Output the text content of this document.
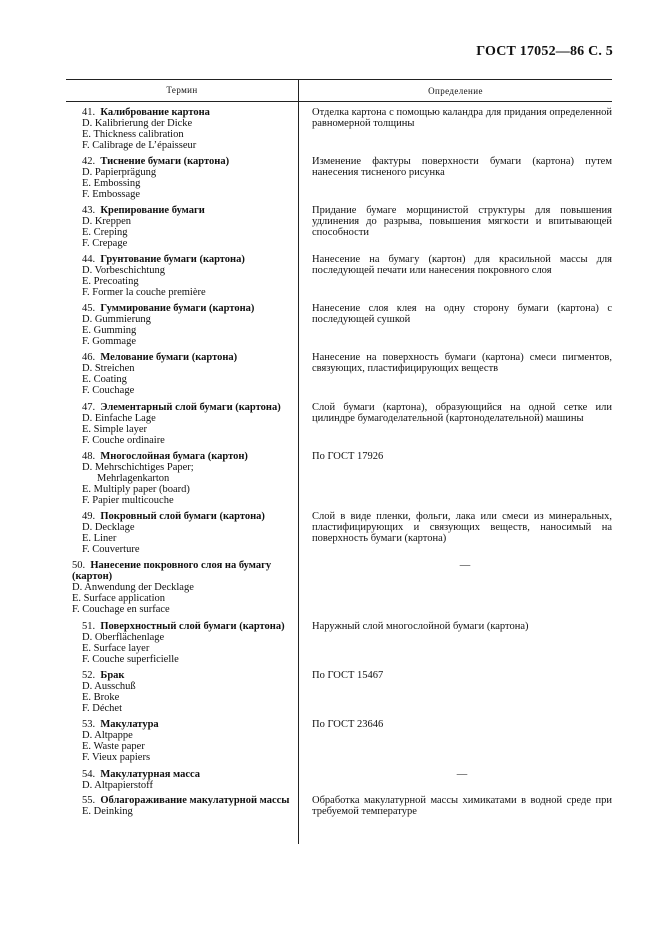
ГОСТ 17052—86 С. 5
Термин	Определение
41. Калибрование картона
D. Kalibrierung der Dicke
E. Thickness calibration
F. Calibrage de L’épaisseur
Отделка картона с помощью каландра для придания определенной равномерной толщины
42. Тиснение бумаги (картона)
D. Papierprägung
E. Embossing
F. Embossage
Изменение фактуры поверхности бумаги (картона) путем нанесения тисненого рисунка
43. Крепирование бумаги
D. Kreppen
E. Creping
F. Crepage
Придание бумаге морщинистой структуры для повышения удлинения до разрыва, повышения мягкости и впитывающей способности
44. Грунтование бумаги (картона)
D. Vorbeschichtung
E. Precoating
F. Former la couche première
Нанесение на бумагу (картон) для красильной массы для последующей печати или нанесения покровного слоя
45. Гуммирование бумаги (картона)
D. Gummierung
E. Gumming
F. Gommage
Нанесение слоя клея на одну сторону бумаги (картона) с последующей сушкой
46. Мелование бумаги (картона)
D. Streichen
E. Coating
F. Couchage
Нанесение на поверхность бумаги (картона) смеси пигментов, связующих, пластифицирующих веществ
47. Элементарный слой бумаги (картона)
D. Einfache Lage
E. Simple layer
F. Couche ordinaire
Слой бумаги (картона), образующийся на одной сетке или цилиндре бумагоделательной (картоноделательной) машины
48. Многослойная бумага (картон)
D. Mehrschichtiges Paper;
Mehrlagenkarton
E. Multiply paper (board)
F. Papier multicouche
По ГОСТ 17926
49. Покровный слой бумаги (картона)
D. Decklage
E. Liner
F. Couverture
Слой в виде пленки, фольги, лака или смеси из минеральных, пластифицирующих и связующих веществ, наносимый на поверхность бумаги (картона)
50. Нанесение покровного слоя на бумагу (картон)
D. Anwendung der Decklage
E. Surface application
F. Couchage en surface
—
51. Поверхностный слой бумаги (картона)
D. Oberflächenlage
E. Surface layer
F. Couche superficielle
Наружный слой многослойной бумаги (картона)
52. Брак
D. Ausschuß
E. Broke
F. Déchet
По ГОСТ 15467
53. Макулатура
D. Altpappe
E. Waste paper
F. Vieux papiers
По ГОСТ 23646
54. Макулатурная масса
D. Altpapierstoff
—
55. Облагораживание макулатурной массы
E. Deinking
Обработка макулатурной массы химикатами в водной среде при требуемой температуре
